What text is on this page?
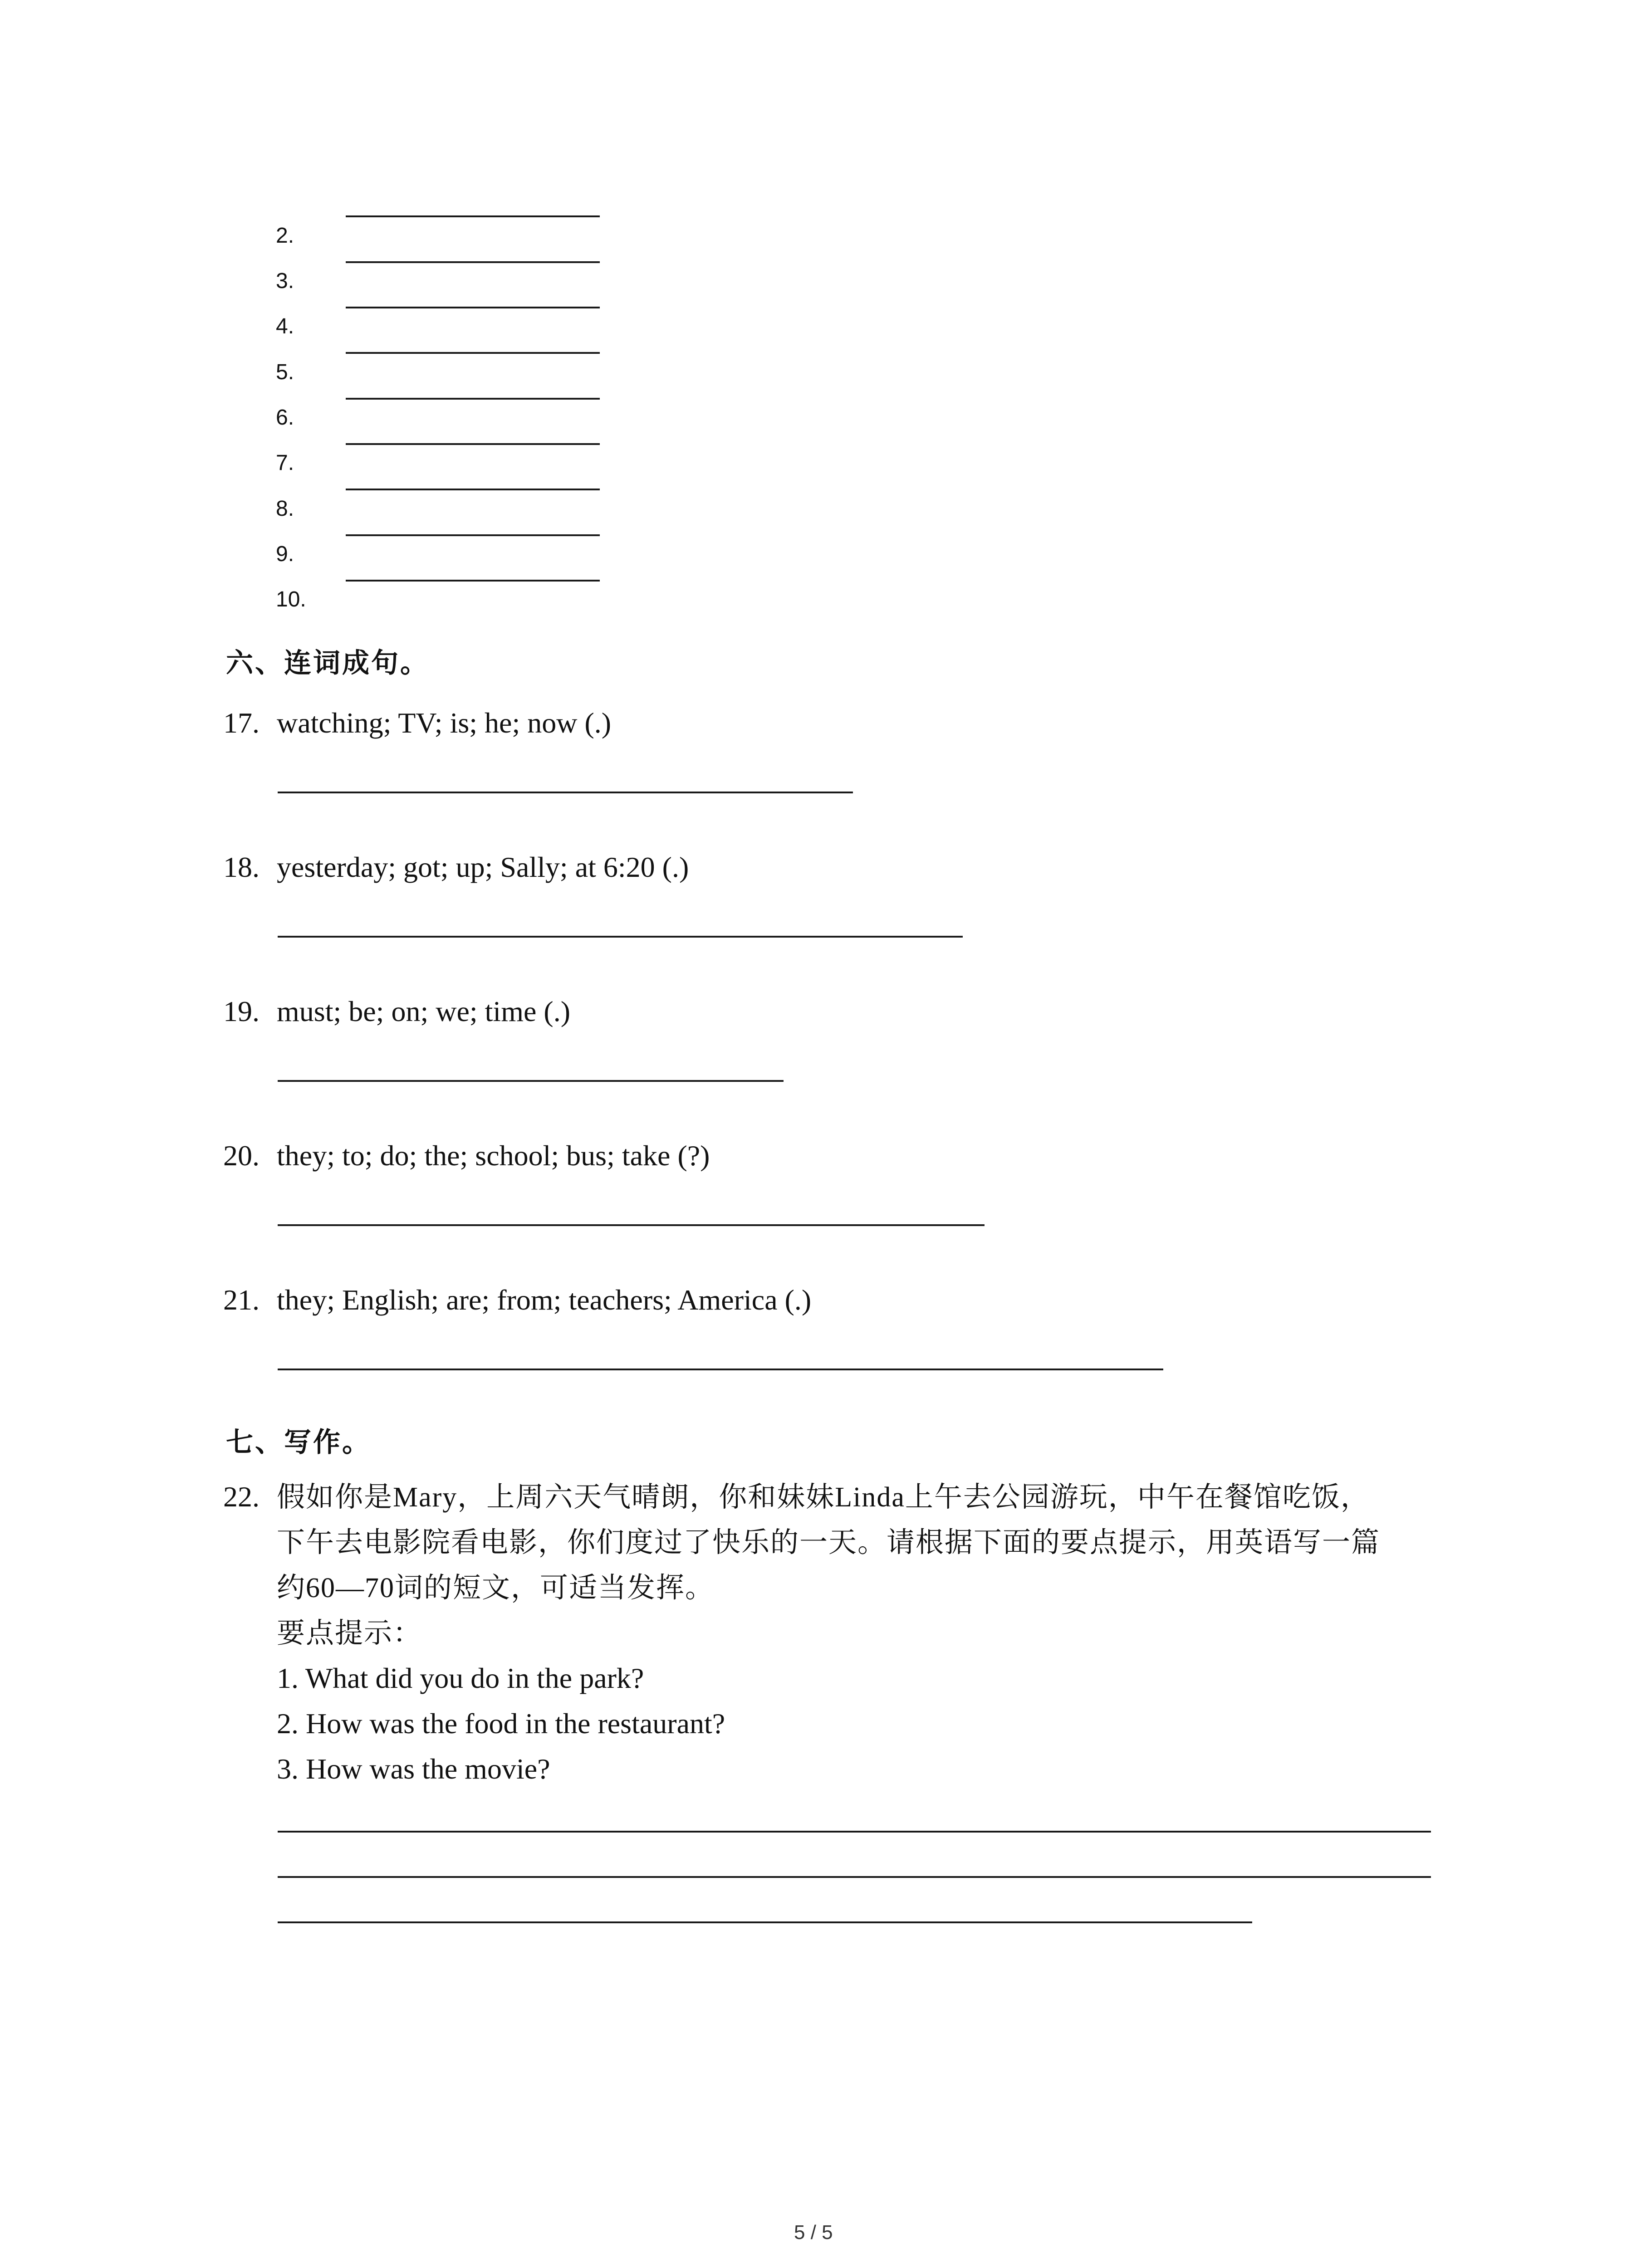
2.
3.
4.
5.
6.
7.
8.
9.
10.
六、连词成句。
17. watching; TV; is; he; now (.)
18. yesterday; got; up; Sally; at 6:20 (.)
19. must; be; on; we; time (.)
20. they; to; do; the; school; bus; take (?)
21. they; English; are; from; teachers; America (.)
七、写作。
22. 假如你是Mary，上周六天气晴朗，你和妹妹Linda上午去公园游玩，中午在餐馆吃饭，
下午去电影院看电影，你们度过了快乐的一天。请根据下面的要点提示，用英语写一篇
约60—70词的短文，可适当发挥。
要点提示：
1. What did you do in the park?
2. How was the food in the restaurant?
3. How was the movie?
5 / 5
